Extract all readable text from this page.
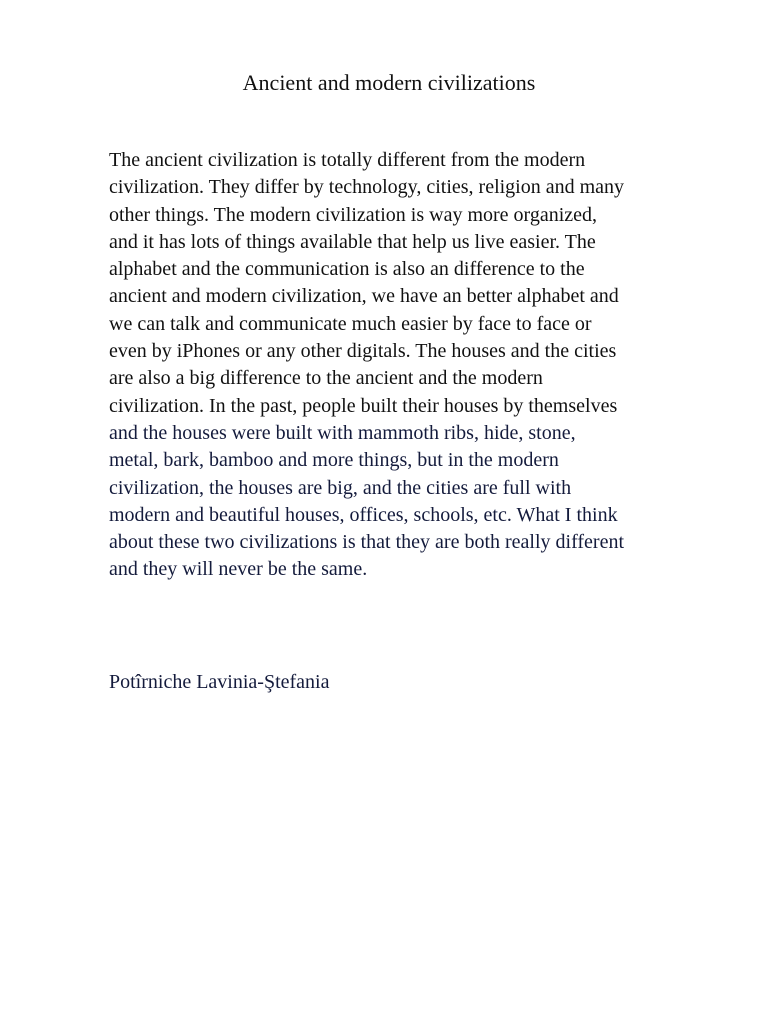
Ancient and modern civilizations

The ancient civilization is totally different from the modern
civilization. They differ by technology, cities, religion and many
other things. The modern civilization is way more organized,
and it has lots of things available that help us live easier. The
alphabet and the communication is also an difference to the
ancient and modern civilization, we have an better alphabet and
we can talk and communicate much easier by face to face or
even by iPhones or any other digitals. The houses and the cities
are also a big difference to the ancient and the modern
civilization. In the past, people built their houses by themselves
and the houses were built with mammoth ribs, hide, stone,
metal, bark, bamboo and more things, but in the modern
civilization, the houses are big, and the cities are full with
modern and beautiful houses, offices, schools, etc. What I think
about these two civilizations is that they are both really different
and they will never be the same.

Potîrniche Lavinia-Ştefania
